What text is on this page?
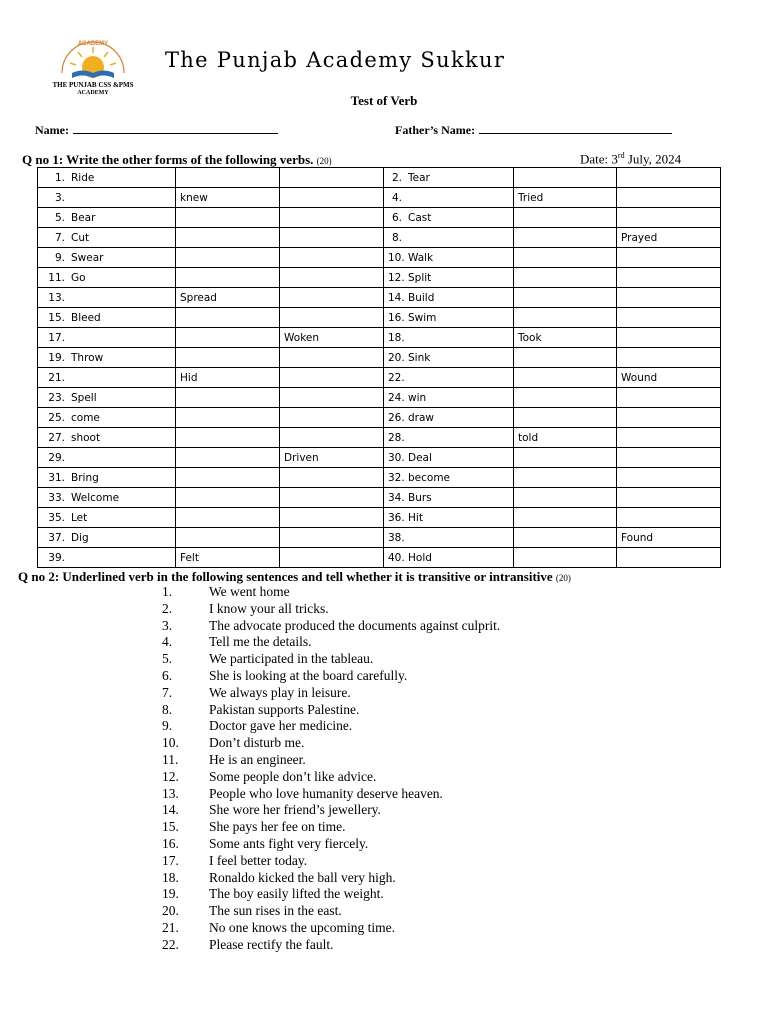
ACADEMY
THE PUNJAB CSS &PMS
ACADEMY
The Punjab Academy Sukkur
Test of Verb
Name:	Father’s Name:
Q no 1: Write the other forms of the following verbs. (20)	Date: 3rd July, 2024
1. Ride			2. Tear		
3.	knew		4.	Tried	
5. Bear			6. Cast		
7. Cut			8.		Prayed
9. Swear			10. Walk		
11. Go			12. Split		
13.	Spread		14. Build		
15. Bleed			16. Swim		
17.		Woken	18.	Took	
19. Throw			20. Sink		
21.	Hid		22.		Wound
23. Spell			24. win		
25. come			26. draw		
27. shoot			28.	told	
29.		Driven	30. Deal		
31. Bring			32. become		
33. Welcome			34. Burs		
35. Let			36. Hit		
37. Dig			38.		Found
39.	Felt		40. Hold		
Q no 2: Underlined verb in the following sentences and tell whether it is transitive or intransitive (20)
1.	We went home
2.	I know your all tricks.
3.	The advocate produced the documents against culprit.
4.	Tell me the details.
5.	We participated in the tableau.
6.	She is looking at the board carefully.
7.	We always play in leisure.
8.	Pakistan supports Palestine.
9.	Doctor gave her medicine.
10. Don’t disturb me.
11. He is an engineer.
12. Some people don’t like advice.
13. People who love humanity deserve heaven.
14. She wore her friend’s jewellery.
15. She pays her fee on time.
16. Some ants fight very fiercely.
17. I feel better today.
18. Ronaldo kicked the ball very high.
19. The boy easily lifted the weight.
20. The sun rises in the east.
21. No one knows the upcoming time.
22. Please rectify the fault.
